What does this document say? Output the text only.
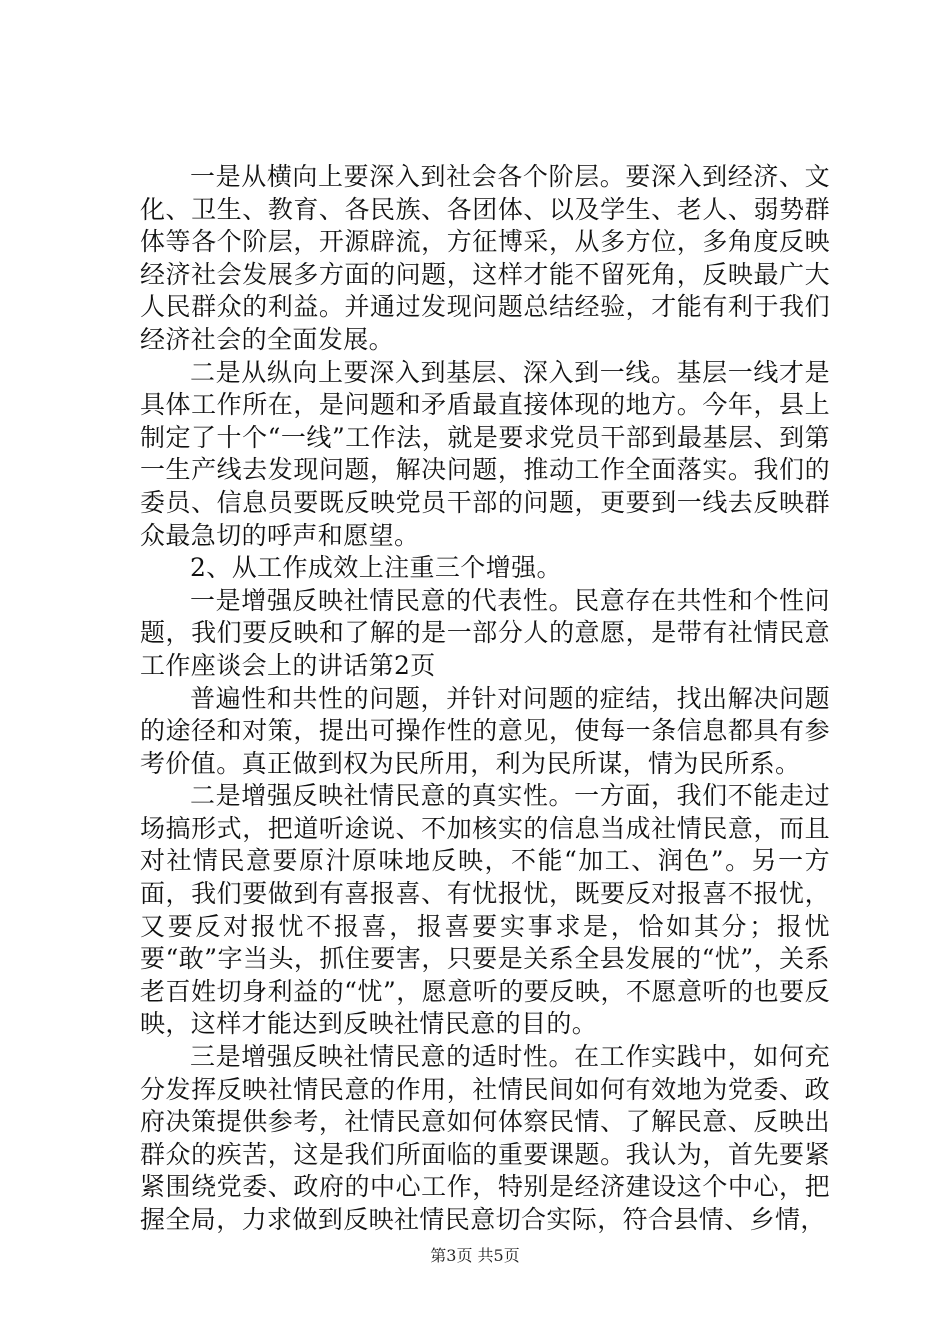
一是从横向上要深入到社会各个阶层。要深入到经济、文化、卫生、教育、各民族、各团体、以及学生、老人、弱势群体等各个阶层，开源辟流，方征博采，从多方位，多角度反映经济社会发展多方面的问题，这样才能不留死角，反映最广大人民群众的利益。并通过发现问题总结经验，才能有利于我们经济社会的全面发展。

二是从纵向上要深入到基层、深入到一线。基层一线才是具体工作所在，是问题和矛盾最直接体现的地方。今年，县上制定了十个“一线”工作法，就是要求党员干部到最基层、到第一生产线去发现问题，解决问题，推动工作全面落实。我们的委员、信息员要既反映党员干部的问题，更要到一线去反映群众最急切的呼声和愿望。

2、从工作成效上注重三个增强。

一是增强反映社情民意的代表性。民意存在共性和个性问题，我们要反映和了解的是一部分人的意愿，是带有社情民意工作座谈会上的讲话第2页

普遍性和共性的问题，并针对问题的症结，找出解决问题的途径和对策，提出可操作性的意见，使每一条信息都具有参考价值。真正做到权为民所用，利为民所谋，情为民所系。

二是增强反映社情民意的真实性。一方面，我们不能走过场搞形式，把道听途说、不加核实的信息当成社情民意，而且对社情民意要原汁原味地反映，不能“加工、润色”。另一方面，我们要做到有喜报喜、有忧报忧，既要反对报喜不报忧，又要反对报忧不报喜，报喜要实事求是，恰如其分；报忧要“敢”字当头，抓住要害，只要是关系全县发展的“忧”，关系老百姓切身利益的“忧”，愿意听的要反映，不愿意听的也要反映，这样才能达到反映社情民意的目的。

三是增强反映社情民意的适时性。在工作实践中，如何充分发挥反映社情民意的作用，社情民间如何有效地为党委、政府决策提供参考，社情民意如何体察民情、了解民意、反映出群众的疾苦，这是我们所面临的重要课题。我认为，首先要紧紧围绕党委、政府的中心工作，特别是经济建设这个中心，把握全局，力求做到反映社情民意切合实际，符合县情、乡情，

第3页 共5页
